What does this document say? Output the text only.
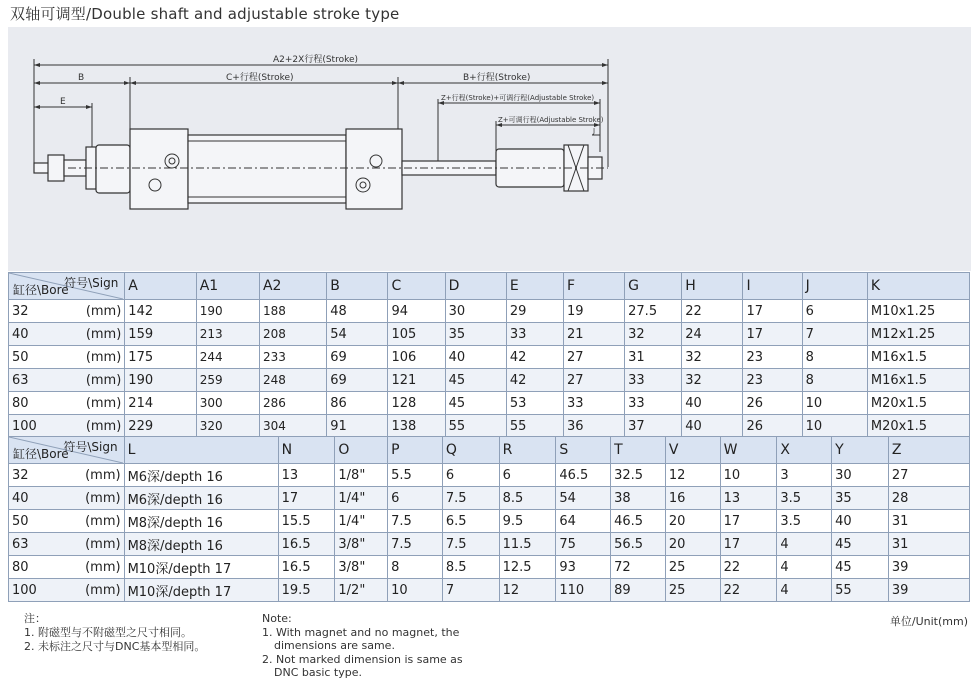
双轴可调型/Double shaft and adjustable stroke type
A2+2X行程(Stroke)
B	C+行程(Stroke)	B+行程(Stroke)
E	Z+行程(Stroke)+可调行程(Adjustable Stroke)
Z+可调行程(Adjustable Stroke)
J
符号\Sign
缸径\Bore	A	A1	A2	B	C	D	E	F	G	H	I	J	K
32 (mm)	142	190	188	48	94	30	29	19	27.5	22	17	6	M10x1.25
40 (mm)	159	213	208	54	105	35	33	21	32	24	17	7	M12x1.25
50 (mm)	175	244	233	69	106	40	42	27	31	32	23	8	M16x1.5
63 (mm)	190	259	248	69	121	45	42	27	33	32	23	8	M16x1.5
80 (mm)	214	300	286	86	128	45	53	33	33	40	26	10	M20x1.5
100 (mm)	229	320	304	91	138	55	55	36	37	40	26	10	M20x1.5
符号\Sign
缸径\Bore	L	N	O	P	Q	R	S	T	V	W	X	Y	Z
32 (mm)	M6深/depth 16	13	1/8"	5.5	6	6	46.5	32.5	12	10	3	30	27
40 (mm)	M6深/depth 16	17	1/4"	6	7.5	8.5	54	38	16	13	3.5	35	28
50 (mm)	M8深/depth 16	15.5	1/4"	7.5	6.5	9.5	64	46.5	20	17	3.5	40	31
63 (mm)	M8深/depth 16	16.5	3/8"	7.5	7.5	11.5	75	56.5	20	17	4	45	31
80 (mm)	M10深/depth 17	16.5	3/8"	8	8.5	12.5	93	72	25	22	4	45	39
100 (mm)	M10深/depth 17	19.5	1/2"	10	7	12	110	89	25	22	4	55	39
注：
1. 附磁型与不附磁型之尺寸相同。
2. 未标注之尺寸与DNC基本型相同。
Note:
1. With magnet and no magnet, the
dimensions are same.
2. Not marked dimension is same as
DNC basic type.
单位/Unit(mm)
